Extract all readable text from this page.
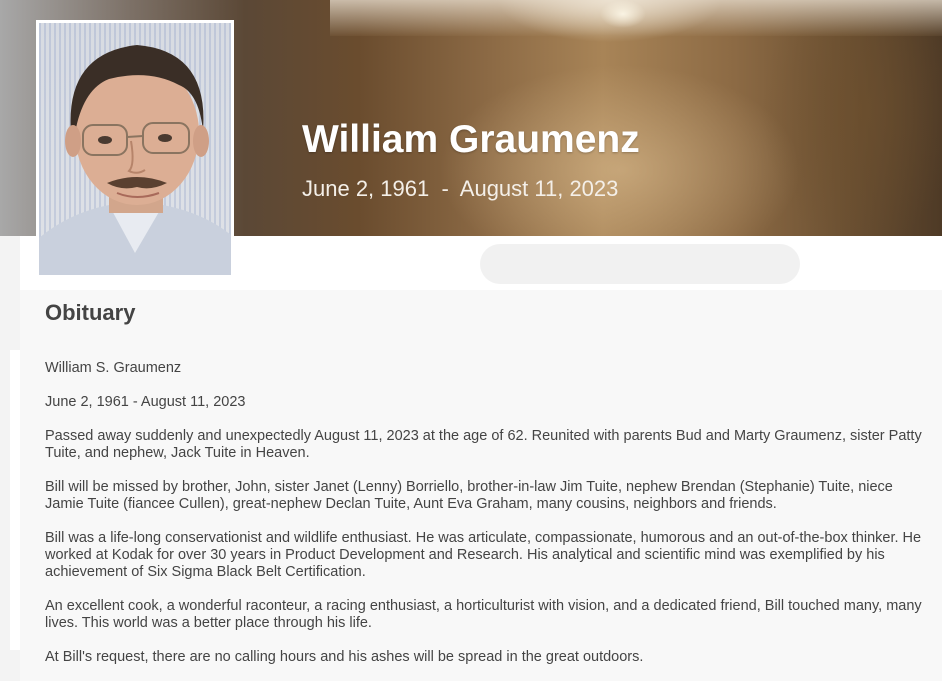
William Graumenz
June 2, 1961  -  August 11, 2023
Obituary

William S. Graumenz

June 2, 1961 - August 11, 2023

Passed away suddenly and unexpectedly August 11, 2023 at the age of 62. Reunited with parents Bud and Marty Graumenz, sister Patty Tuite, and nephew, Jack Tuite in Heaven.

Bill will be missed by brother, John, sister Janet (Lenny) Borriello, brother-in-law Jim Tuite, nephew Brendan (Stephanie) Tuite, niece Jamie Tuite (fiancee Cullen), great-nephew Declan Tuite, Aunt Eva Graham, many cousins, neighbors and friends.

Bill was a life-long conservationist and wildlife enthusiast. He was articulate, compassionate, humorous and an out-of-the-box thinker. He worked at Kodak for over 30 years in Product Development and Research. His analytical and scientific mind was exemplified by his achievement of Six Sigma Black Belt Certification.

An excellent cook, a wonderful raconteur, a racing enthusiast, a horticulturist with vision, and a dedicated friend, Bill touched many, many lives. This world was a better place through his life.

At Bill's request, there are no calling hours and his ashes will be spread in the great outdoors.
